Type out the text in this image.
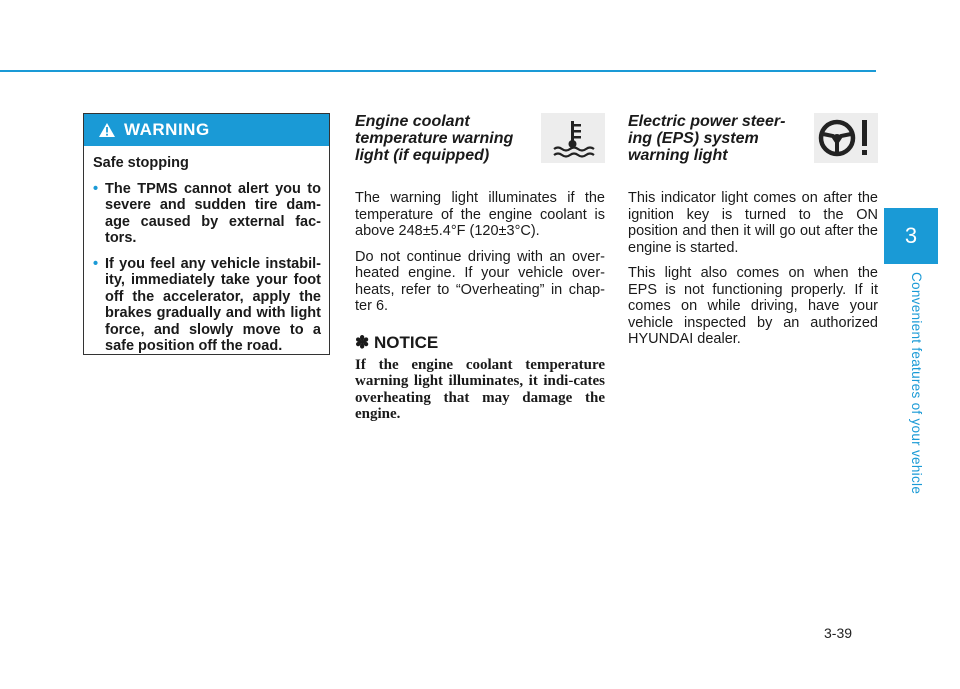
3
Convenient features of your vehicle
WARNING
Safe stopping
• The TPMS cannot alert you to severe and sudden tire dam-age caused by external fac-tors.
• If you feel any vehicle instabil-ity, immediately take your foot off the accelerator, apply the brakes gradually and with light force, and slowly move to a safe position off the road.
Engine coolant temperature warning light (if equipped)

The warning light illuminates if the temperature of the engine coolant is above 248±5.4°F (120±3°C).

Do not continue driving with an over-heated engine. If your vehicle over-heats, refer to “Overheating” in chap-ter 6.

✽ NOTICE
If the engine coolant temperature warning light illuminates, it indi-cates overheating that may damage the engine.
Electric power steer-ing (EPS) system warning light

This indicator light comes on after the ignition key is turned to the ON position and then it will go out after the engine is started.

This light also comes on when the EPS is not functioning properly. If it comes on while driving, have your vehicle inspected by an authorized HYUNDAI dealer.

3-39
